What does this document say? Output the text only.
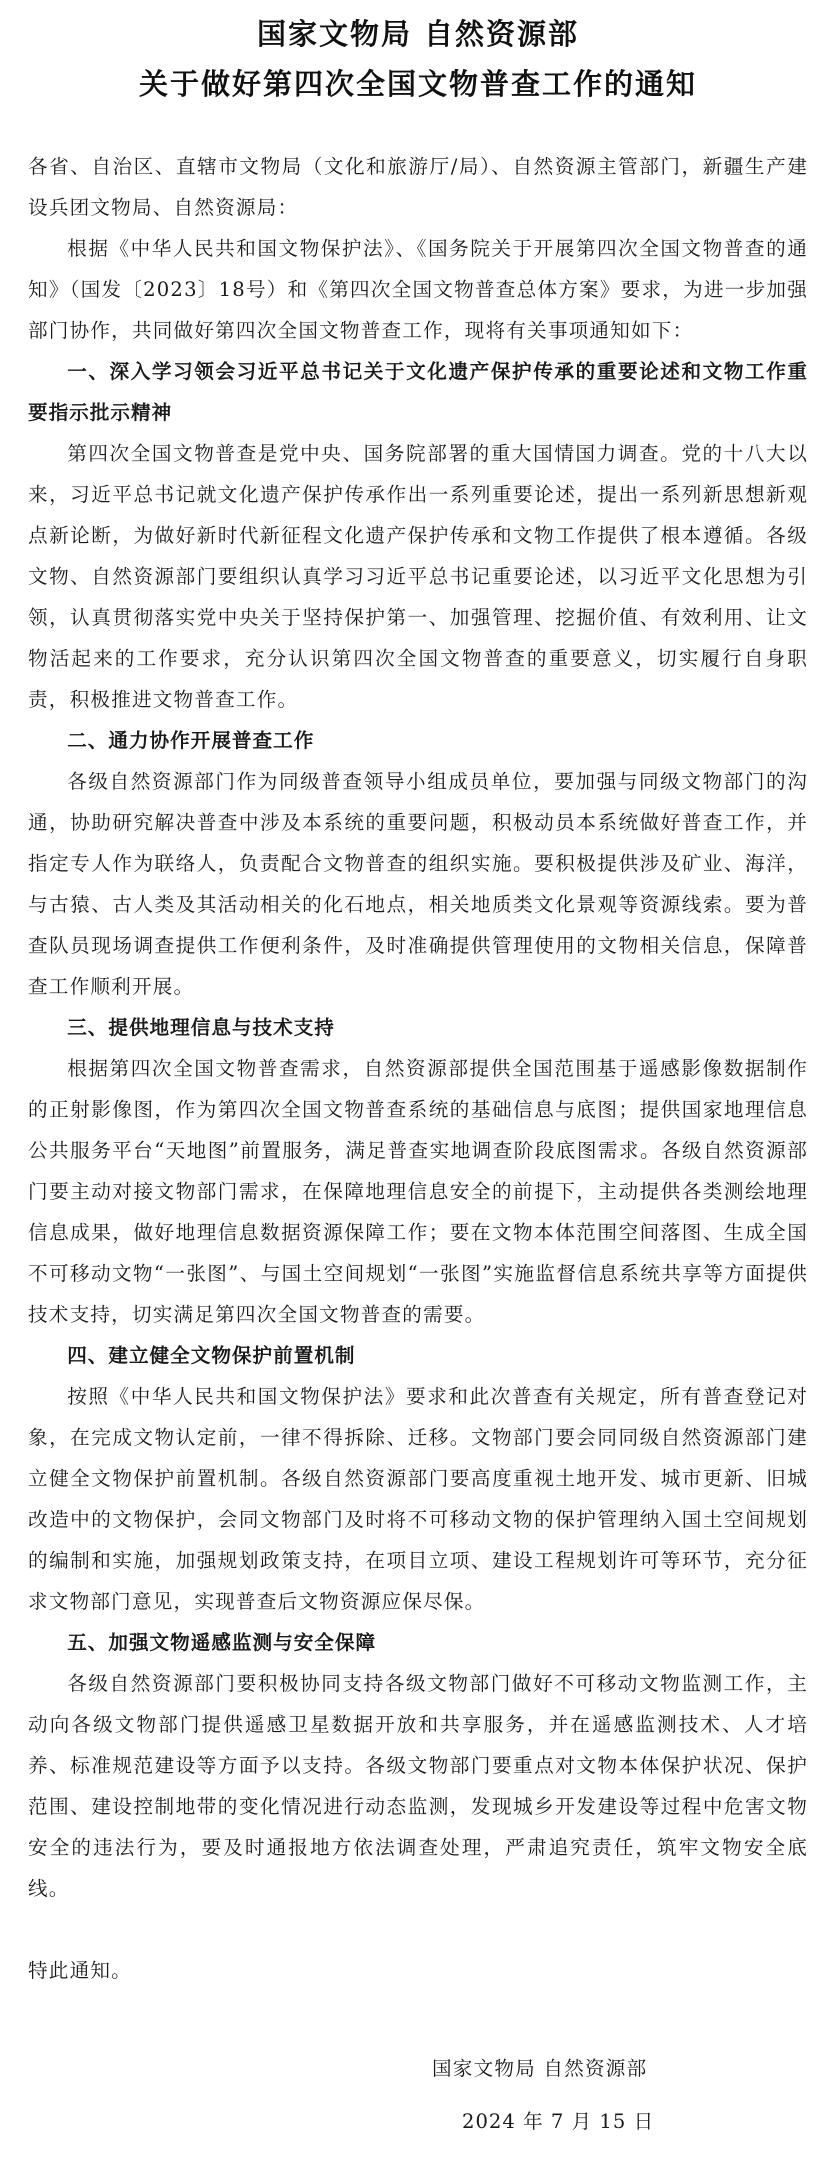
国家文物局 自然资源部
关于做好第四次全国文物普查工作的通知

各省、自治区、直辖市文物局（文化和旅游厅/局）、自然资源主管部门，新疆生产建设兵团文物局、自然资源局：

根据《中华人民共和国文物保护法》、《国务院关于开展第四次全国文物普查的通知》（国发〔2023〕18号）和《第四次全国文物普查总体方案》要求，为进一步加强部门协作，共同做好第四次全国文物普查工作，现将有关事项通知如下：

一、深入学习领会习近平总书记关于文化遗产保护传承的重要论述和文物工作重要指示批示精神

第四次全国文物普查是党中央、国务院部署的重大国情国力调查。党的十八大以来，习近平总书记就文化遗产保护传承作出一系列重要论述，提出一系列新思想新观点新论断，为做好新时代新征程文化遗产保护传承和文物工作提供了根本遵循。各级文物、自然资源部门要组织认真学习习近平总书记重要论述，以习近平文化思想为引领，认真贯彻落实党中央关于坚持保护第一、加强管理、挖掘价值、有效利用、让文物活起来的工作要求，充分认识第四次全国文物普查的重要意义，切实履行自身职责，积极推进文物普查工作。

二、通力协作开展普查工作

各级自然资源部门作为同级普查领导小组成员单位，要加强与同级文物部门的沟通，协助研究解决普查中涉及本系统的重要问题，积极动员本系统做好普查工作，并指定专人作为联络人，负责配合文物普查的组织实施。要积极提供涉及矿业、海洋，与古猿、古人类及其活动相关的化石地点，相关地质类文化景观等资源线索。要为普查队员现场调查提供工作便利条件，及时准确提供管理使用的文物相关信息，保障普查工作顺利开展。

三、提供地理信息与技术支持

根据第四次全国文物普查需求，自然资源部提供全国范围基于遥感影像数据制作的正射影像图，作为第四次全国文物普查系统的基础信息与底图；提供国家地理信息公共服务平台“天地图”前置服务，满足普查实地调查阶段底图需求。各级自然资源部门要主动对接文物部门需求，在保障地理信息安全的前提下，主动提供各类测绘地理信息成果，做好地理信息数据资源保障工作；要在文物本体范围空间落图、生成全国不可移动文物“一张图”、与国土空间规划“一张图”实施监督信息系统共享等方面提供技术支持，切实满足第四次全国文物普查的需要。

四、建立健全文物保护前置机制

按照《中华人民共和国文物保护法》要求和此次普查有关规定，所有普查登记对象，在完成文物认定前，一律不得拆除、迁移。文物部门要会同同级自然资源部门建立健全文物保护前置机制。各级自然资源部门要高度重视土地开发、城市更新、旧城改造中的文物保护，会同文物部门及时将不可移动文物的保护管理纳入国土空间规划的编制和实施，加强规划政策支持，在项目立项、建设工程规划许可等环节，充分征求文物部门意见，实现普查后文物资源应保尽保。

五、加强文物遥感监测与安全保障

各级自然资源部门要积极协同支持各级文物部门做好不可移动文物监测工作，主动向各级文物部门提供遥感卫星数据开放和共享服务，并在遥感监测技术、人才培养、标准规范建设等方面予以支持。各级文物部门要重点对文物本体保护状况、保护范围、建设控制地带的变化情况进行动态监测，发现城乡开发建设等过程中危害文物安全的违法行为，要及时通报地方依法调查处理，严肃追究责任，筑牢文物安全底线。

特此通知。

国家文物局 自然资源部
2024 年 7 月 15 日
